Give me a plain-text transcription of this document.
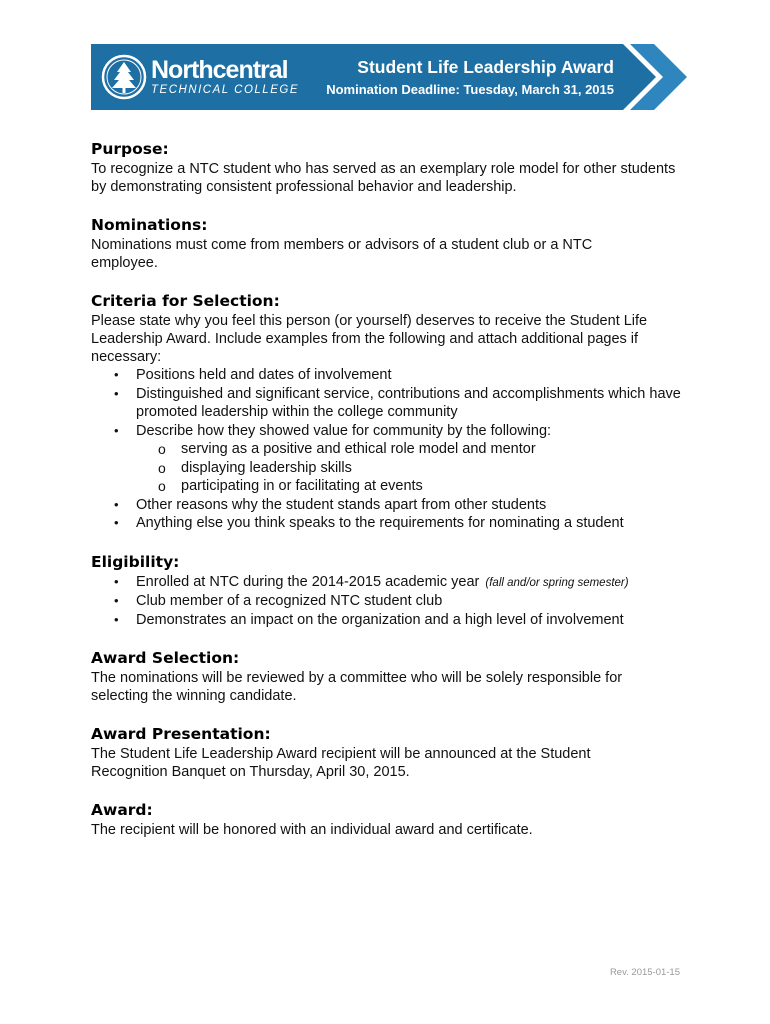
Northcentral
TECHNICAL COLLEGE
Student Life Leadership Award
Nomination Deadline: Tuesday, March 31, 2015
Purpose:

To recognize a NTC student who has served as an exemplary role model for other students by demonstrating consistent professional behavior and leadership.

Nominations:

Nominations must come from members or advisors of a student club or a NTC employee.

Criteria for Selection:

Please state why you feel this person (or yourself) deserves to receive the Student Life Leadership Award. Include examples from the following and attach additional pages if necessary:

• Positions held and dates of involvement
• Distinguished and significant service, contributions and accomplishments which have promoted leadership within the college community
• Describe how they showed value for community by the following:
o serving as a positive and ethical role model and mentor
o displaying leadership skills
o participating in or facilitating at events
• Other reasons why the student stands apart from other students
• Anything else you think speaks to the requirements for nominating a student
Eligibility:
• Enrolled at NTC during the 2014-2015 academic year (fall and/or spring semester)
• Club member of a recognized NTC student club
• Demonstrates an impact on the organization and a high level of involvement
Award Selection:

The nominations will be reviewed by a committee who will be solely responsible for selecting the winning candidate.

Award Presentation:

The Student Life Leadership Award recipient will be announced at the Student Recognition Banquet on Thursday, April 30, 2015.

Award:

The recipient will be honored with an individual award and certificate.

Rev. 2015-01-15
